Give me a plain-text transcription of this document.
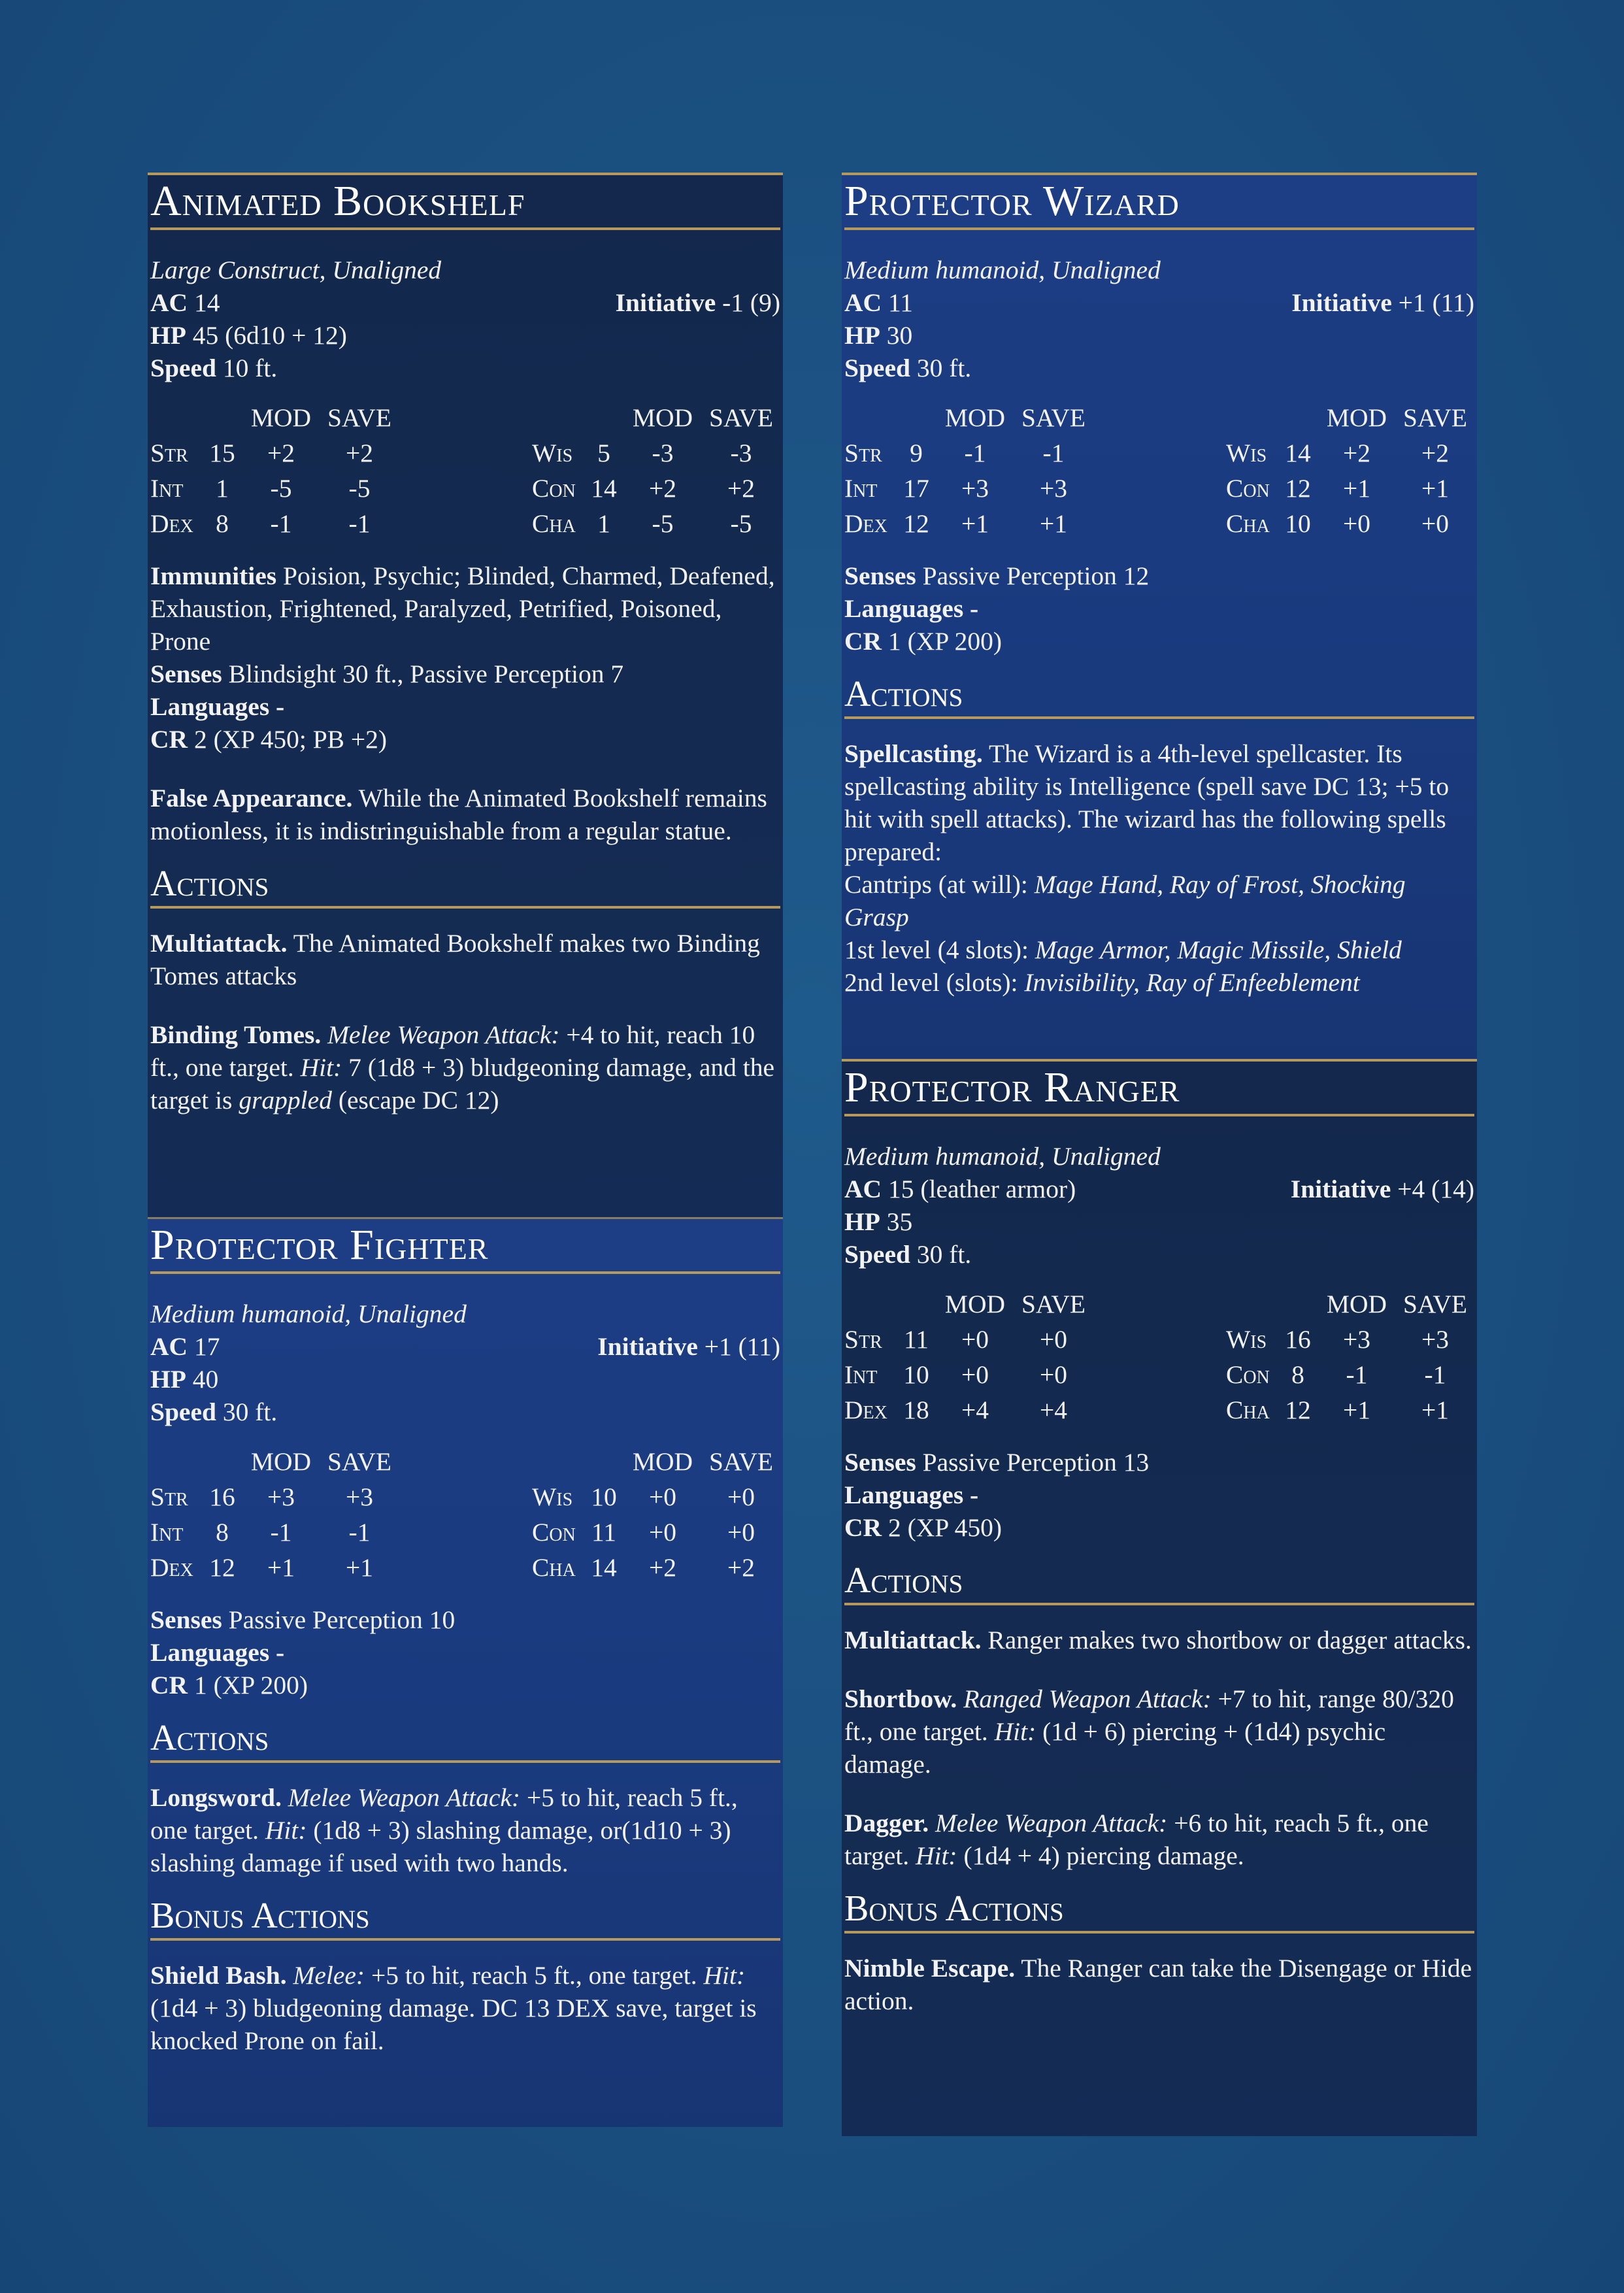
Animated Bookshelf
Large Construct, Unaligned
AC 14	Initiative -1 (9)
HP 45 (6d10 + 12)
Speed 10 ft.
		MOD	SAVE
Str	15	+2	+2
Int	1	-5	-5
Dex	8	-1	-1
		MOD	SAVE
Wis	5	-3	-3
Con	14	+2	+2
Cha	1	-5	-5
Immunities Poision, Psychic; Blinded, Charmed, Deafened, Exhaustion, Frightened, Paralyzed, Petrified, Poisoned, Prone
Senses Blindsight 30 ft., Passive Perception 7
Languages -
CR 2 (XP 450; PB +2)
False Appearance. While the Animated Bookshelf remains motionless, it is indistringuishable from a regular statue.
Actions
Multiattack. The Animated Bookshelf makes two Binding Tomes attacks
Binding Tomes. Melee Weapon Attack: +4 to hit, reach 10 ft., one target. Hit: 7 (1d8 + 3) bludgeoning damage, and the target is grappled (escape DC 12)
Protector Fighter
Medium humanoid, Unaligned
AC 17	Initiative +1 (11)
HP 40
Speed 30 ft.
		MOD	SAVE
Str	16	+3	+3
Int	8	-1	-1
Dex	12	+1	+1
		MOD	SAVE
Wis	10	+0	+0
Con	11	+0	+0
Cha	14	+2	+2
Senses Passive Perception 10
Languages -
CR 1 (XP 200)
Actions
Longsword. Melee Weapon Attack: +5 to hit, reach 5 ft., one target. Hit: (1d8 + 3) slashing damage, or(1d10 + 3) slashing damage if used with two hands.
Bonus Actions
Shield Bash. Melee: +5 to hit, reach 5 ft., one target. Hit: (1d4 + 3) bludgeoning damage. DC 13 DEX save, target is knocked Prone on fail.
Protector Wizard
Medium humanoid, Unaligned
AC 11	Initiative +1 (11)
HP 30
Speed 30 ft.
		MOD	SAVE
Str	9	-1	-1
Int	17	+3	+3
Dex	12	+1	+1
		MOD	SAVE
Wis	14	+2	+2
Con	12	+1	+1
Cha	10	+0	+0
Senses Passive Perception 12
Languages -
CR 1 (XP 200)
Actions
Spellcasting. The Wizard is a 4th-level spellcaster. Its spellcasting ability is Intelligence (spell save DC 13; +5 to hit with spell attacks). The wizard has the following spells prepared:
Cantrips (at will): Mage Hand, Ray of Frost, Shocking Grasp
1st level (4 slots): Mage Armor, Magic Missile, Shield
2nd level (slots): Invisibility, Ray of Enfeeblement
Protector Ranger
Medium humanoid, Unaligned
AC 15 (leather armor)	Initiative +4 (14)
HP 35
Speed 30 ft.
		MOD	SAVE
Str	11	+0	+0
Int	10	+0	+0
Dex	18	+4	+4
		MOD	SAVE
Wis	16	+3	+3
Con	8	-1	-1
Cha	12	+1	+1
Senses Passive Perception 13
Languages -
CR 2 (XP 450)
Actions
Multiattack. Ranger makes two shortbow or dagger attacks.
Shortbow. Ranged Weapon Attack: +7 to hit, range 80/320 ft., one target. Hit: (1d + 6) piercing + (1d4) psychic damage.
Dagger. Melee Weapon Attack: +6 to hit, reach 5 ft., one target. Hit: (1d4 + 4) piercing damage.
Bonus Actions
Nimble Escape. The Ranger can take the Disengage or Hide action.
